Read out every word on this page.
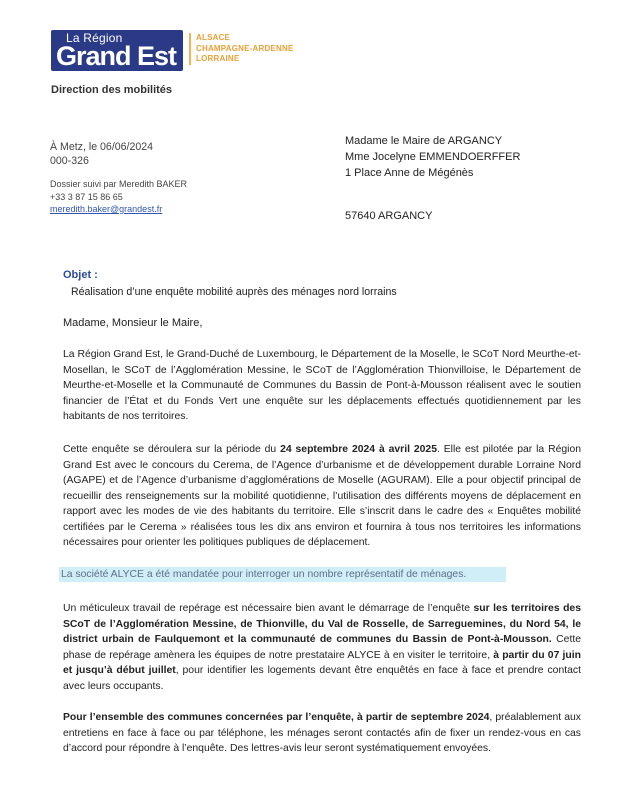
La Région
Grand Est
ALSACE
CHAMPAGNE-ARDENNE
LORRAINE
Direction des mobilités
À Metz, le 06/06/2024
000-326
Dossier suivi par Meredith BAKER
+33 3 87 15 86 65
meredith.baker@grandest.fr
Madame le Maire de ARGANCY
Mme Jocelyne EMMENDOERFFER
1 Place Anne de Mégénès
57640 ARGANCY
Objet :
Réalisation d’une enquête mobilité auprès des ménages nord lorrains
Madame, Monsieur le Maire,
La Région Grand Est, le Grand-Duché de Luxembourg, le Département de la Moselle, le SCoT Nord Meurthe-et-Mosellan, le SCoT de l’Agglomération Messine, le SCoT de l’Agglomération Thionvilloise, le Département de Meurthe-et-Moselle et la Communauté de Communes du Bassin de Pont-à-Mousson réalisent avec le soutien financier de l’État et du Fonds Vert une enquête sur les déplacements effectués quotidiennement par les habitants de nos territoires.
Cette enquête se déroulera sur la période du 24 septembre 2024 à avril 2025. Elle est pilotée par la Région Grand Est avec le concours du Cerema, de l’Agence d’urbanisme et de développement durable Lorraine Nord (AGAPE) et de l’Agence d’urbanisme d’agglomérations de Moselle (AGURAM). Elle a pour objectif principal de recueillir des renseignements sur la mobilité quotidienne, l’utilisation des différents moyens de déplacement en rapport avec les modes de vie des habitants du territoire. Elle s’inscrit dans le cadre des « Enquêtes mobilité certifiées par le Cerema » réalisées tous les dix ans environ et fournira à tous nos territoires les informations nécessaires pour orienter les politiques publiques de déplacement.
La société ALYCE a été mandatée pour interroger un nombre représentatif de ménages.
Un méticuleux travail de repérage est nécessaire bien avant le démarrage de l’enquête sur les territoires des SCoT de l’Agglomération Messine, de Thionville, du Val de Rosselle, de Sarreguemines, du Nord 54, le district urbain de Faulquemont et la communauté de communes du Bassin de Pont-à-Mousson. Cette phase de repérage amènera les équipes de notre prestataire ALYCE à en visiter le territoire, à partir du 07 juin et jusqu’à début juillet, pour identifier les logements devant être enquêtés en face à face et prendre contact avec leurs occupants.
Pour l’ensemble des communes concernées par l’enquête, à partir de septembre 2024, préalablement aux entretiens en face à face ou par téléphone, les ménages seront contactés afin de fixer un rendez-vous en cas d’accord pour répondre à l’enquête. Des lettres-avis leur seront systématiquement envoyées.
